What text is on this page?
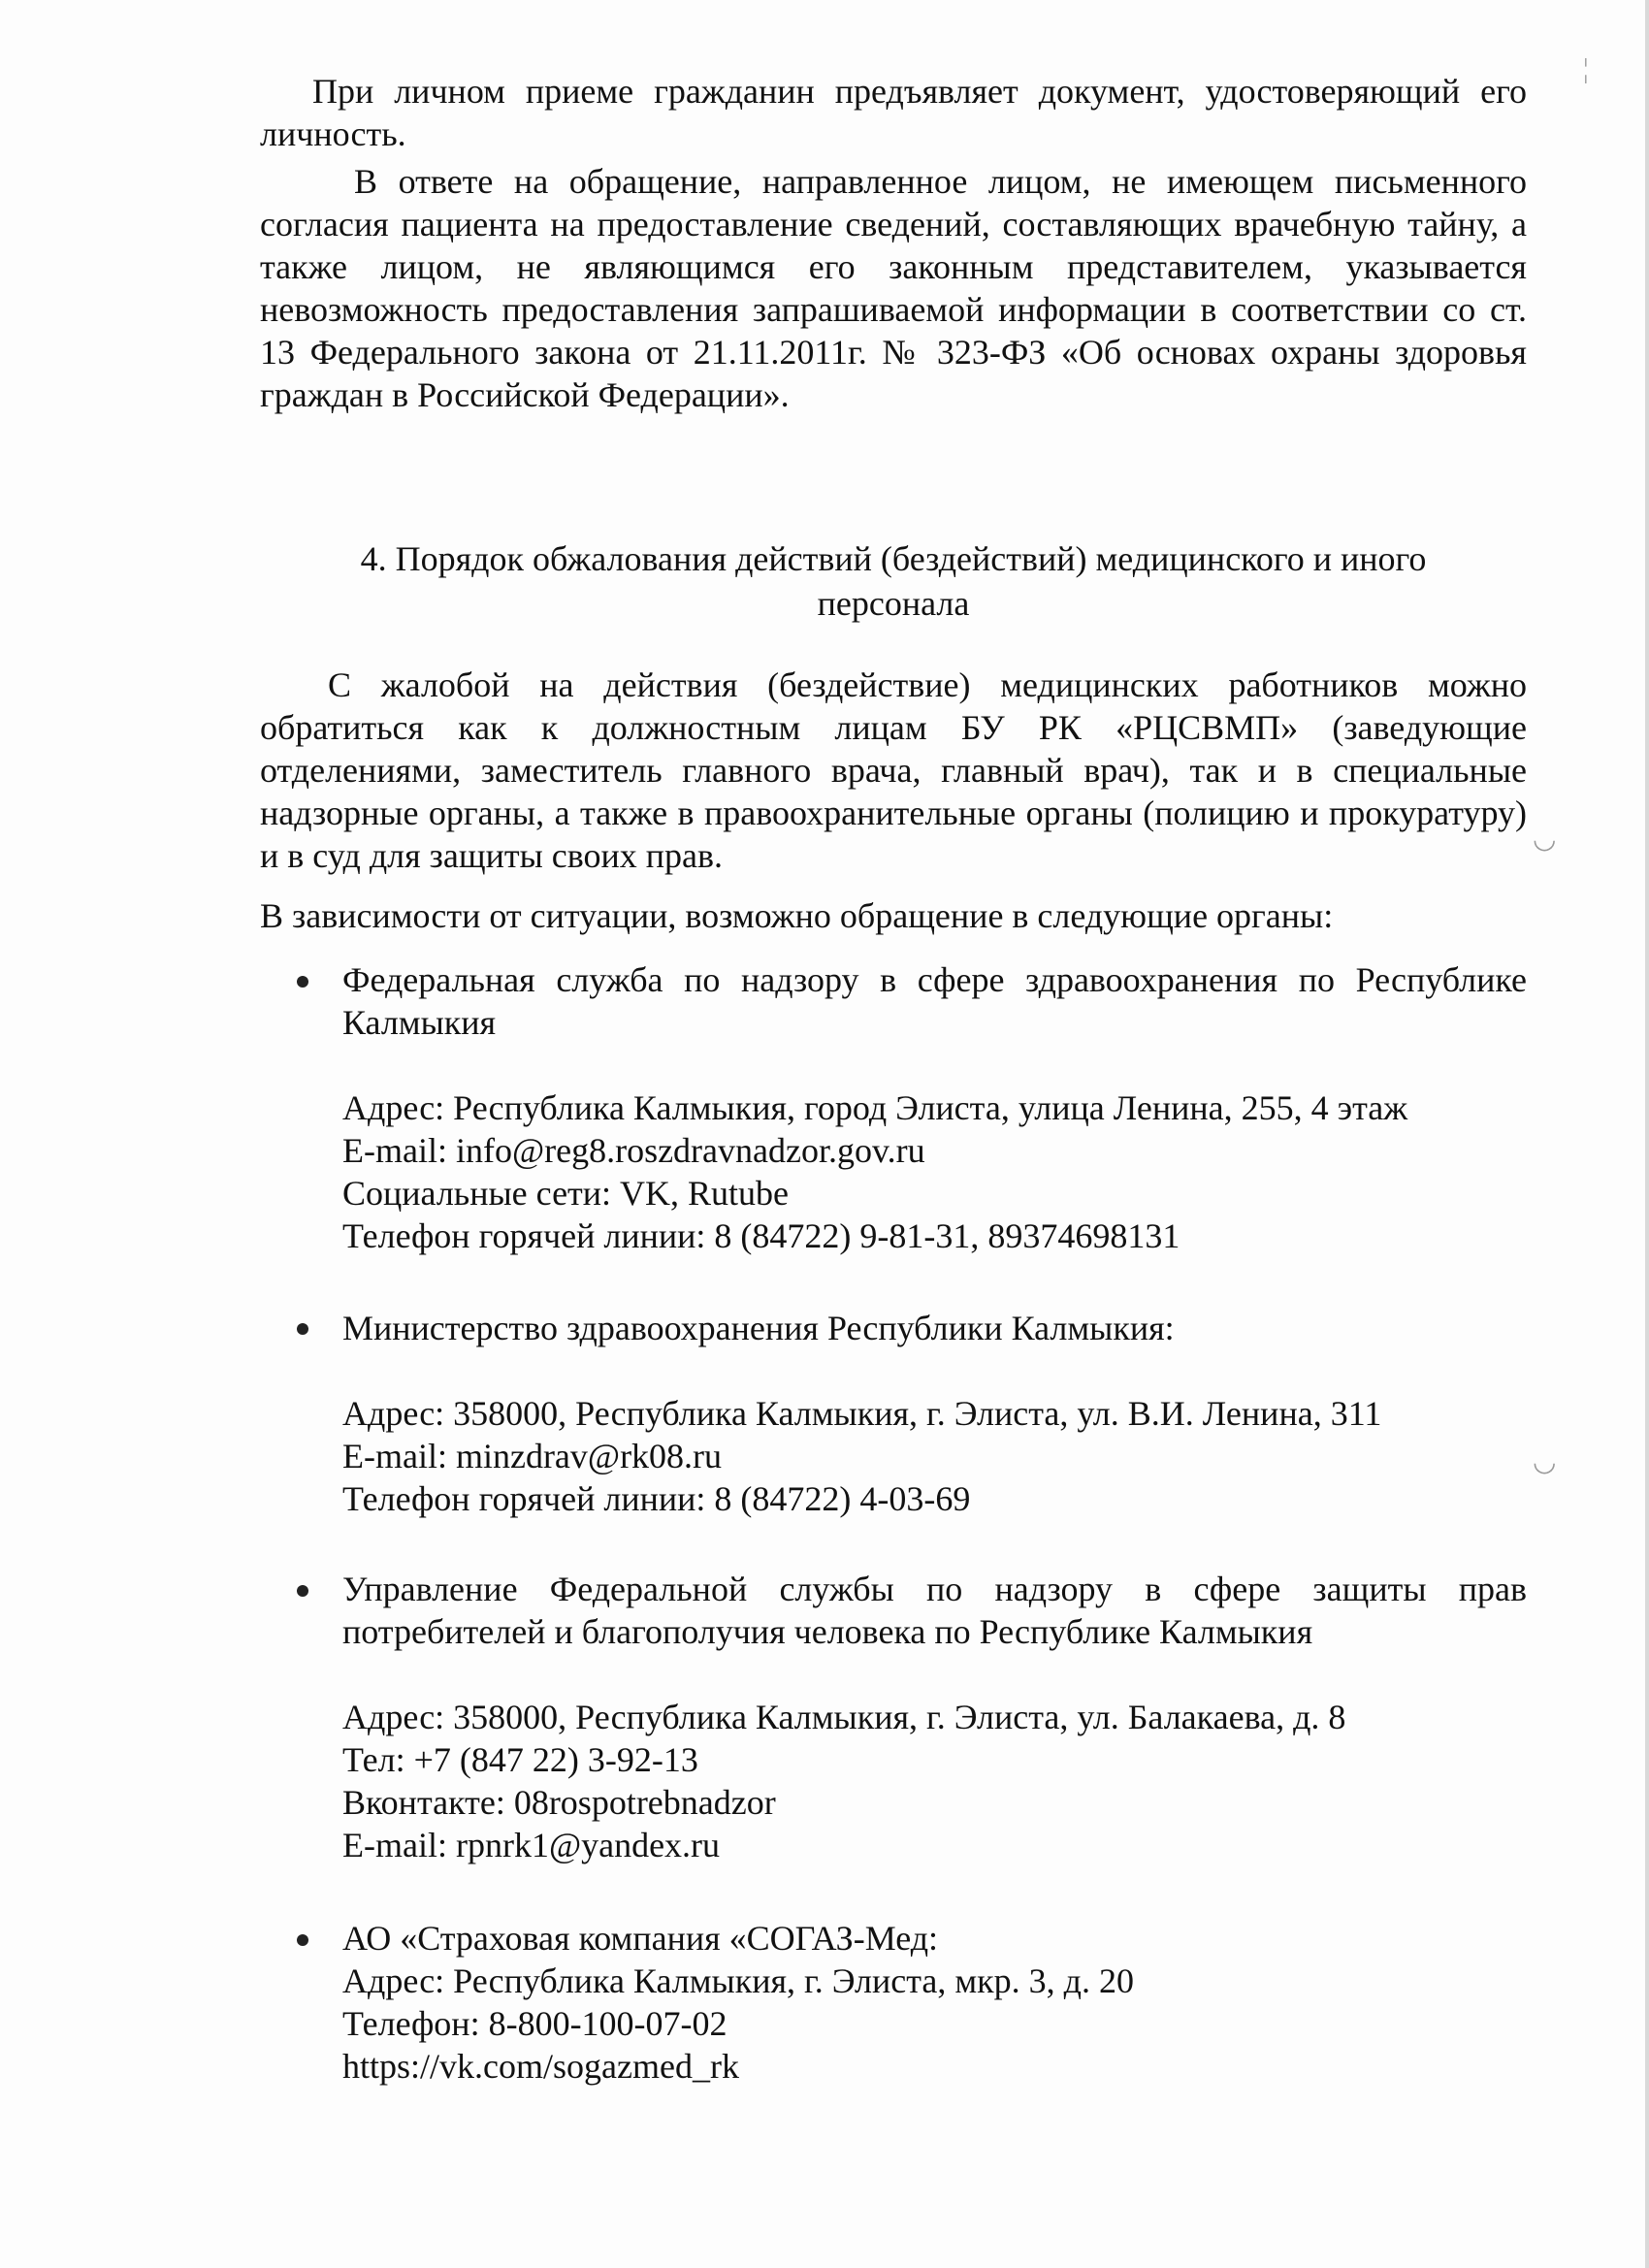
При личном приеме гражданин предъявляет документ, удостоверяющий его личность.
В ответе на обращение, направленное лицом, не имеющем письменного согласия пациента на предоставление сведений, составляющих врачебную тайну, а также лицом, не являющимся его законным представителем, указывается невозможность предоставления запрашиваемой информации в соответствии со ст. 13 Федерального закона от 21.11.2011г. № 323-ФЗ «Об основах охраны здоровья граждан в Российской Федерации».
4. Порядок обжалования действий (бездействий) медицинского и иного
персонала
С жалобой на действия (бездействие) медицинских работников можно обратиться как к должностным лицам БУ РК «РЦСВМП» (заведующие отделениями, заместитель главного врача, главный врач), так и в специальные надзорные органы, а также в правоохранительные органы (полицию и прокуратуру) и в суд для защиты своих прав.
В зависимости от ситуации, возможно обращение в следующие органы:
Федеральная служба по надзору в сфере здравоохранения по Республике Калмыкия
Адрес: Республика Калмыкия, город Элиста, улица Ленина, 255, 4 этаж
E-mail: info@reg8.roszdravnadzor.gov.ru
Социальные сети: VK, Rutube
Телефон горячей линии: 8 (84722) 9-81-31, 89374698131
Министерство здравоохранения Республики Калмыкия:
Адрес: 358000, Республика Калмыкия, г. Элиста, ул. В.И. Ленина, 311
E-mail: minzdrav@rk08.ru
Телефон горячей линии: 8 (84722) 4-03-69
Управление Федеральной службы по надзору в сфере защиты прав потребителей и благополучия человека по Республике Калмыкия
Адрес: 358000, Республика Калмыкия, г. Элиста, ул. Балакаева, д. 8
Тел: +7 (847 22) 3-92-13
Вконтакте: 08rospotrebnadzor
E-mail: rpnrk1@yandex.ru
АО «Страховая компания «СОГАЗ-Мед:
Адрес: Республика Калмыкия, г. Элиста, мкр. 3, д. 20
Телефон: 8-800-100-07-02
https://vk.com/sogazmed_rk
¦
◡
◡
